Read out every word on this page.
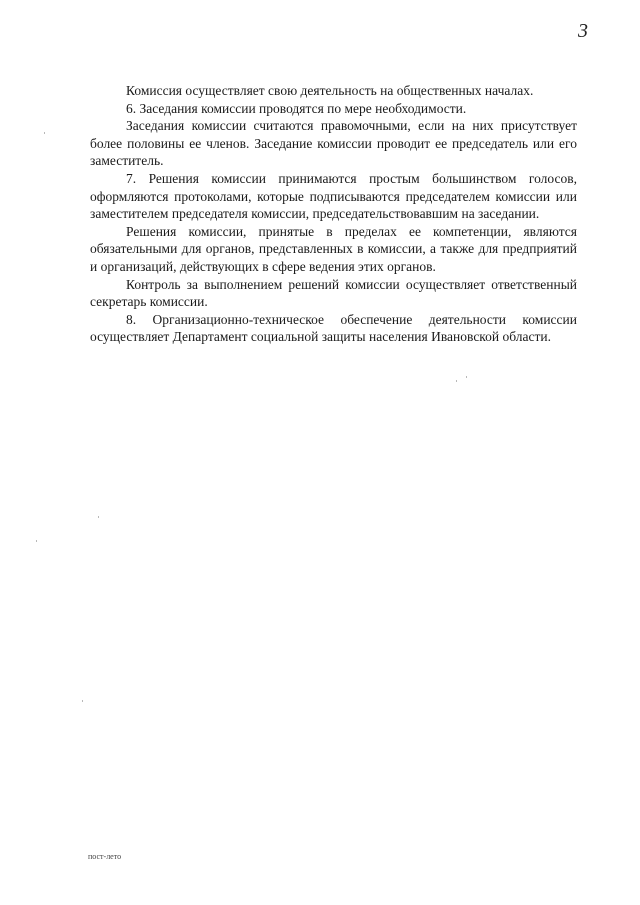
3

Комиссия осуществляет свою деятельность на общественных началах.

6. Заседания комиссии проводятся по мере необходимости.

Заседания комиссии считаются правомочными, если на них присутствует более половины ее членов. Заседание комиссии проводит ее председатель или его заместитель.

7. Решения комиссии принимаются простым большинством голосов, оформляются протоколами, которые подписываются председателем комиссии или заместителем председателя комиссии, председательствовавшим на заседании.

Решения комиссии, принятые в пределах ее компетенции, являются обязательными для органов, представленных в комиссии, а также для предприятий и организаций, действующих в сфере ведения этих органов.

Контроль за выполнением решений комиссии осуществляет ответственный секретарь комиссии.

8. Организационно-техническое обеспечение деятельности комиссии осуществляет Департамент социальной защиты населения Ивановской области.

пост-лето
